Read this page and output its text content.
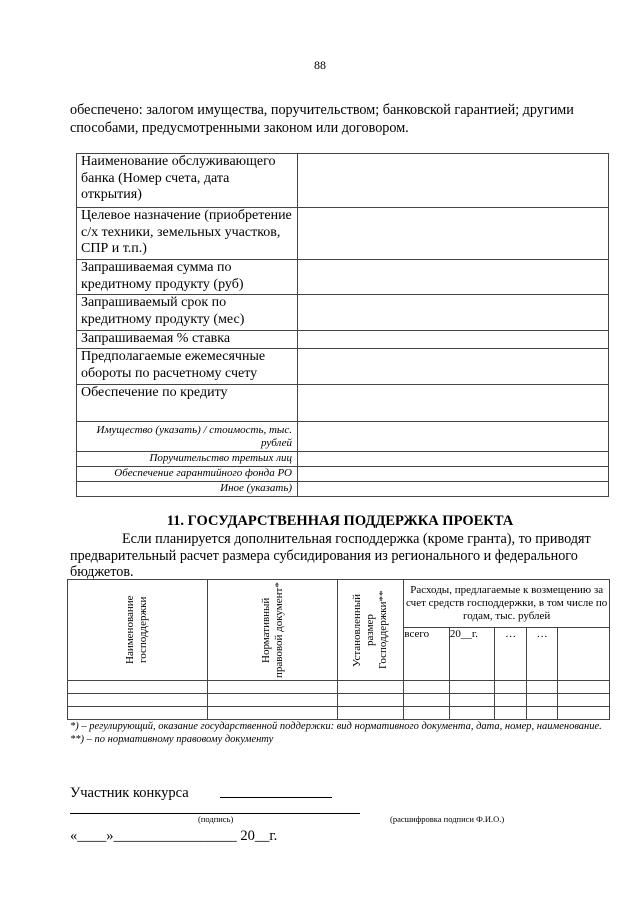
88
обеспечено: залогом имущества, поручительством; банковской гарантией; другими
способами, предусмотренными законом или договором.
Наименование обслуживающего банка (Номер счета, дата открытия)	
Целевое назначение (приобретение с/х техники, земельных участков, СПР и т.п.)	
Запрашиваемая сумма по кредитному продукту (руб)	
Запрашиваемый срок по кредитному продукту (мес)	
Запрашиваемая % ставка	
Предполагаемые ежемесячные обороты по расчетному счету	
Обеспечение по кредиту	
Имущество (указать) / стоимость, тыс. рублей	
Поручительство третьих лиц	
Обеспечение гарантийного фонда РО	
Иное (указать)	
11. ГОСУДАРСТВЕННАЯ ПОДДЕРЖКА ПРОЕКТА
Если планируется дополнительная господдержка (кроме гранта), то приводят
предварительный расчет размера субсидирования из регионального и федерального
бюджетов.
Наименование господдержки	Нормативный правовой документ*	Установленный размер Господдержки**	Расходы, предлагаемые к возмещению за счет средств господдержки, в том числе по годам, тыс. рублей				
			всего	20__г.	…	…	

*) – регулирующий, оказание государственной поддержки: вид нормативного документа, дата, номер, наименование.
**) – по нормативному правовому документу
Участник конкурса
(подпись)	(расшифровка подписи Ф.И.О.)
«____»_________________ 20__г.
